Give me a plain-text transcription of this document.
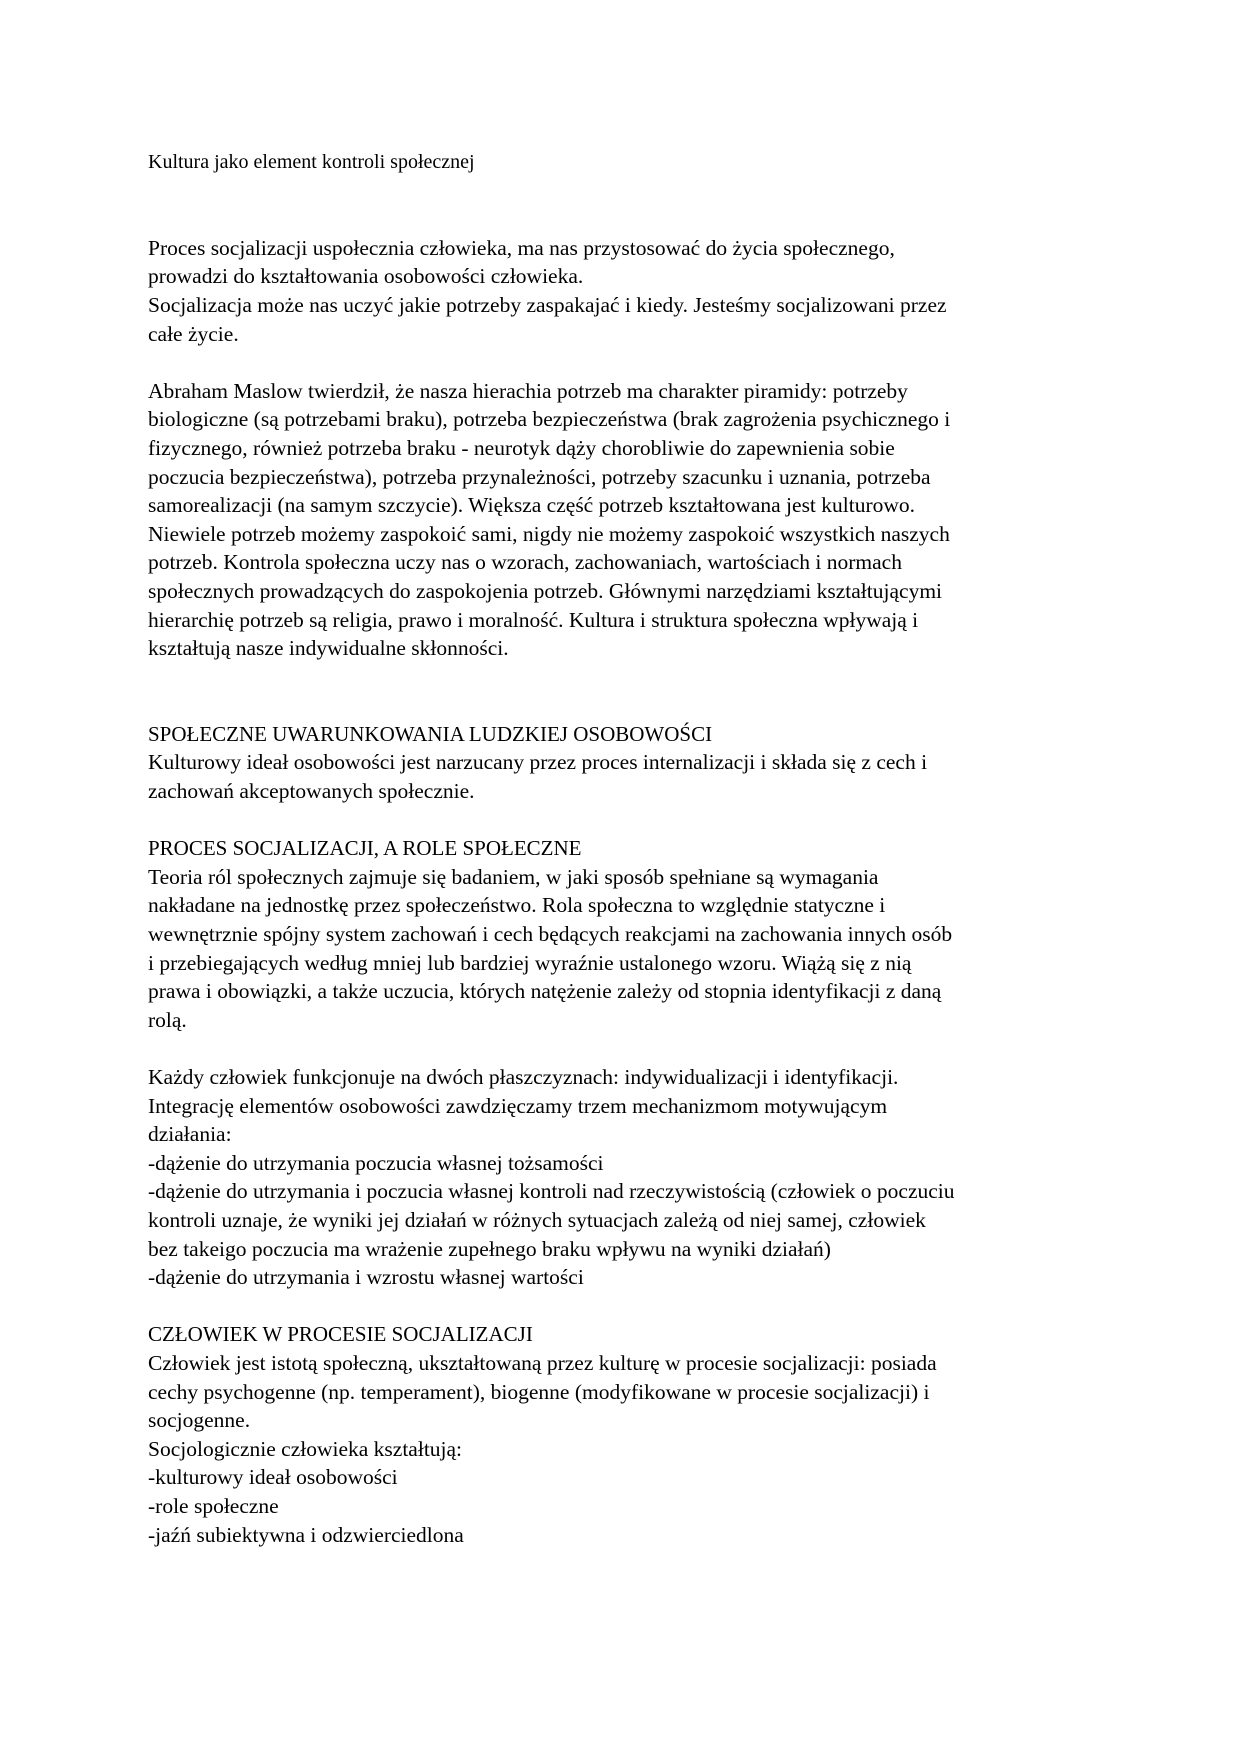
Kultura jako element kontroli społecznej
Proces socjalizacji uspołecznia człowieka, ma nas przystosować do życia społecznego,
prowadzi do kształtowania osobowości człowieka.
Socjalizacja może nas uczyć jakie potrzeby zaspakajać i kiedy. Jesteśmy socjalizowani przez
całe życie.
Abraham Maslow twierdził, że nasza hierachia potrzeb ma charakter piramidy: potrzeby
biologiczne (są potrzebami braku), potrzeba bezpieczeństwa (brak zagrożenia psychicznego i
fizycznego, również potrzeba braku - neurotyk dąży chorobliwie do zapewnienia sobie
poczucia bezpieczeństwa), potrzeba przynależności, potrzeby szacunku i uznania, potrzeba
samorealizacji (na samym szczycie). Większa część potrzeb kształtowana jest kulturowo.
Niewiele potrzeb możemy zaspokoić sami, nigdy nie możemy zaspokoić wszystkich naszych
potrzeb. Kontrola społeczna uczy nas o wzorach, zachowaniach, wartościach i normach
społecznych prowadzących do zaspokojenia potrzeb. Głównymi narzędziami kształtującymi
hierarchię potrzeb są religia, prawo i moralność. Kultura i struktura społeczna wpływają i
kształtują nasze indywidualne skłonności.
SPOŁECZNE UWARUNKOWANIA LUDZKIEJ OSOBOWOŚCI
Kulturowy ideał osobowości jest narzucany przez proces internalizacji i składa się z cech i
zachowań akceptowanych społecznie.
PROCES SOCJALIZACJI, A ROLE SPOŁECZNE
Teoria ról społecznych zajmuje się badaniem, w jaki sposób spełniane są wymagania
nakładane na jednostkę przez społeczeństwo. Rola społeczna to względnie statyczne i
wewnętrznie spójny system zachowań i cech będących reakcjami na zachowania innych osób
i przebiegających według mniej lub bardziej wyraźnie ustalonego wzoru. Wiążą się z nią
prawa i obowiązki, a także uczucia, których natężenie zależy od stopnia identyfikacji z daną
rolą.
Każdy człowiek funkcjonuje na dwóch płaszczyznach: indywidualizacji i identyfikacji.
Integrację elementów osobowości zawdzięczamy trzem mechanizmom motywującym
działania:
-dążenie do utrzymania poczucia własnej tożsamości
-dążenie do utrzymania i poczucia własnej kontroli nad rzeczywistością (człowiek o poczuciu
kontroli uznaje, że wyniki jej działań w różnych sytuacjach zależą od niej samej, człowiek
bez takeigo poczucia ma wrażenie zupełnego braku wpływu na wyniki działań)
-dążenie do utrzymania i wzrostu własnej wartości
CZŁOWIEK W PROCESIE SOCJALIZACJI
Człowiek jest istotą społeczną, ukształtowaną przez kulturę w procesie socjalizacji: posiada
cechy psychogenne (np. temperament), biogenne (modyfikowane w procesie socjalizacji) i
socjogenne.
Socjologicznie człowieka kształtują:
-kulturowy ideał osobowości
-role społeczne
-jaźń subiektywna i odzwierciedlona
